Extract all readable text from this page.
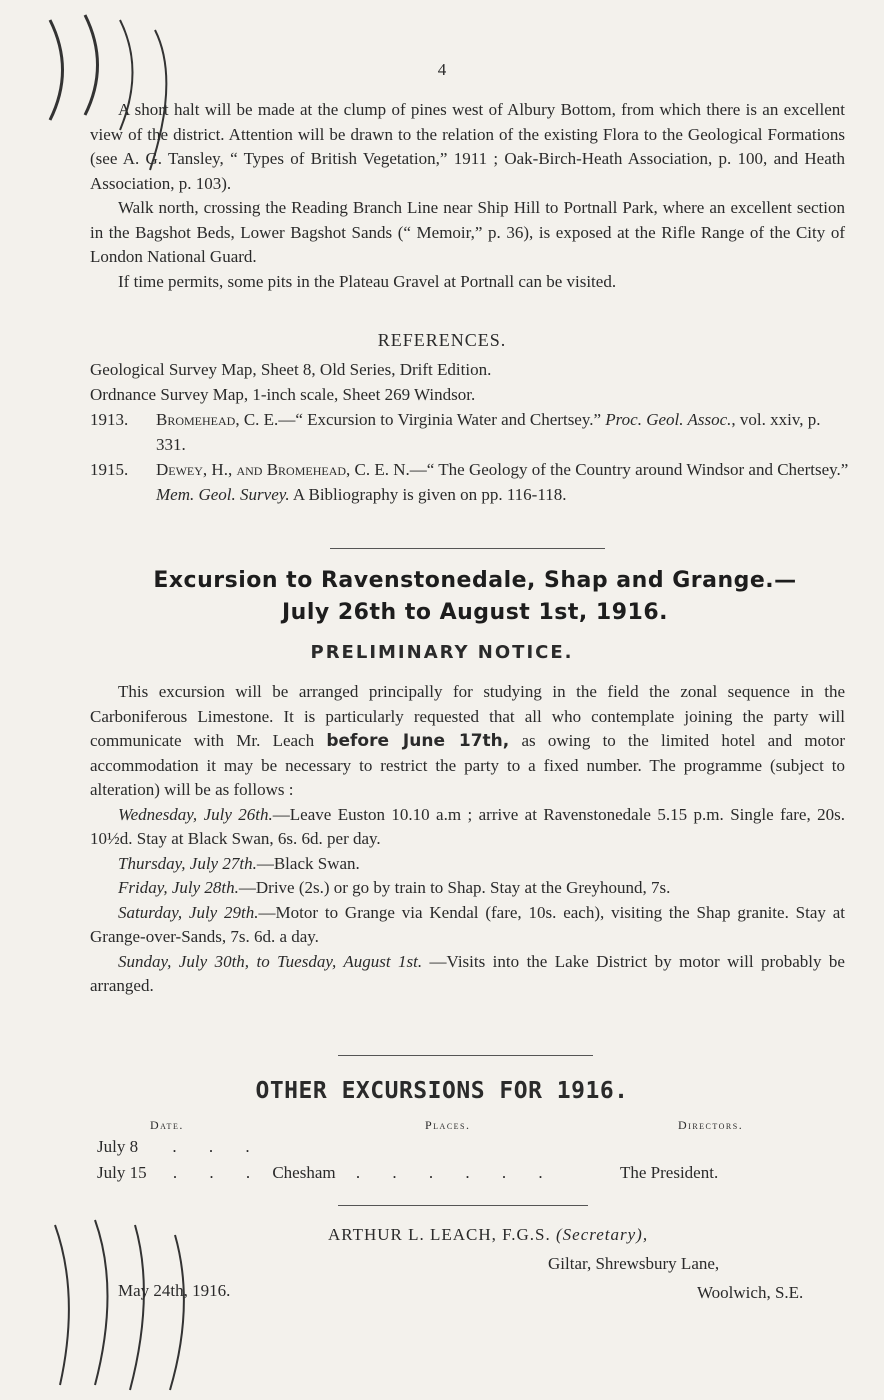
4

A short halt will be made at the clump of pines west of Albury Bottom, from which there is an excellent view of the district. Attention will be drawn to the relation of the existing Flora to the Geological Formations (see A. G. Tansley, “ Types of British Vegetation,” 1911 ; Oak-Birch-Heath Association, p. 100, and Heath Association, p. 103).

Walk north, crossing the Reading Branch Line near Ship Hill to Portnall Park, where an excellent section in the Bagshot Beds, Lower Bagshot Sands (“ Memoir,” p. 36), is exposed at the Rifle Range of the City of London National Guard.

If time permits, some pits in the Plateau Gravel at Portnall can be visited.

REFERENCES.
Geological Survey Map, Sheet 8, Old Series, Drift Edition.
Ordnance Survey Map, 1-inch scale, Sheet 269 Windsor.
1913.	Bromehead, C. E.—“ Excursion to Virginia Water and Chertsey.” Proc. Geol. Assoc., vol. xxiv, p. 331.
1915.	Dewey, H., and Bromehead, C. E. N.—“ The Geology of the Country around Windsor and Chertsey.” Mem. Geol. Survey. A Bibliography is given on pp. 116-118.
Excursion to Ravenstonedale, Shap and Grange.—
July 26th to August 1st, 1916.
PRELIMINARY NOTICE.

This excursion will be arranged principally for studying in the field the zonal sequence in the Carboniferous Limestone. It is particularly requested that all who contemplate joining the party will communicate with Mr. Leach before June 17th, as owing to the limited hotel and motor accommodation it may be necessary to restrict the party to a fixed number. The programme (subject to alteration) will be as follows :

Wednesday, July 26th.—Leave Euston 10.10 a.m ; arrive at Ravenstonedale 5.15 p.m. Single fare, 20s. 10½d. Stay at Black Swan, 6s. 6d. per day.

Thursday, July 27th.—Black Swan.

Friday, July 28th.—Drive (2s.) or go by train to Shap. Stay at the Greyhound, 7s.

Saturday, July 29th.—Motor to Grange via Kendal (fare, 10s. each), visiting the Shap granite. Stay at Grange-over-Sands, 7s. 6d. a day.

Sunday, July 30th, to Tuesday, August 1st. —Visits into the Lake District by motor will probably be arranged.

OTHER EXCURSIONS FOR 1916.
Date.	Places.	Directors.
July 8 . . .
July 15 . . . Chesham . . . . . .	The President.
ARTHUR L. LEACH, F.G.S. (Secretary),
Giltar, Shrewsbury Lane,
Woolwich, S.E.
May 24th, 1916.
